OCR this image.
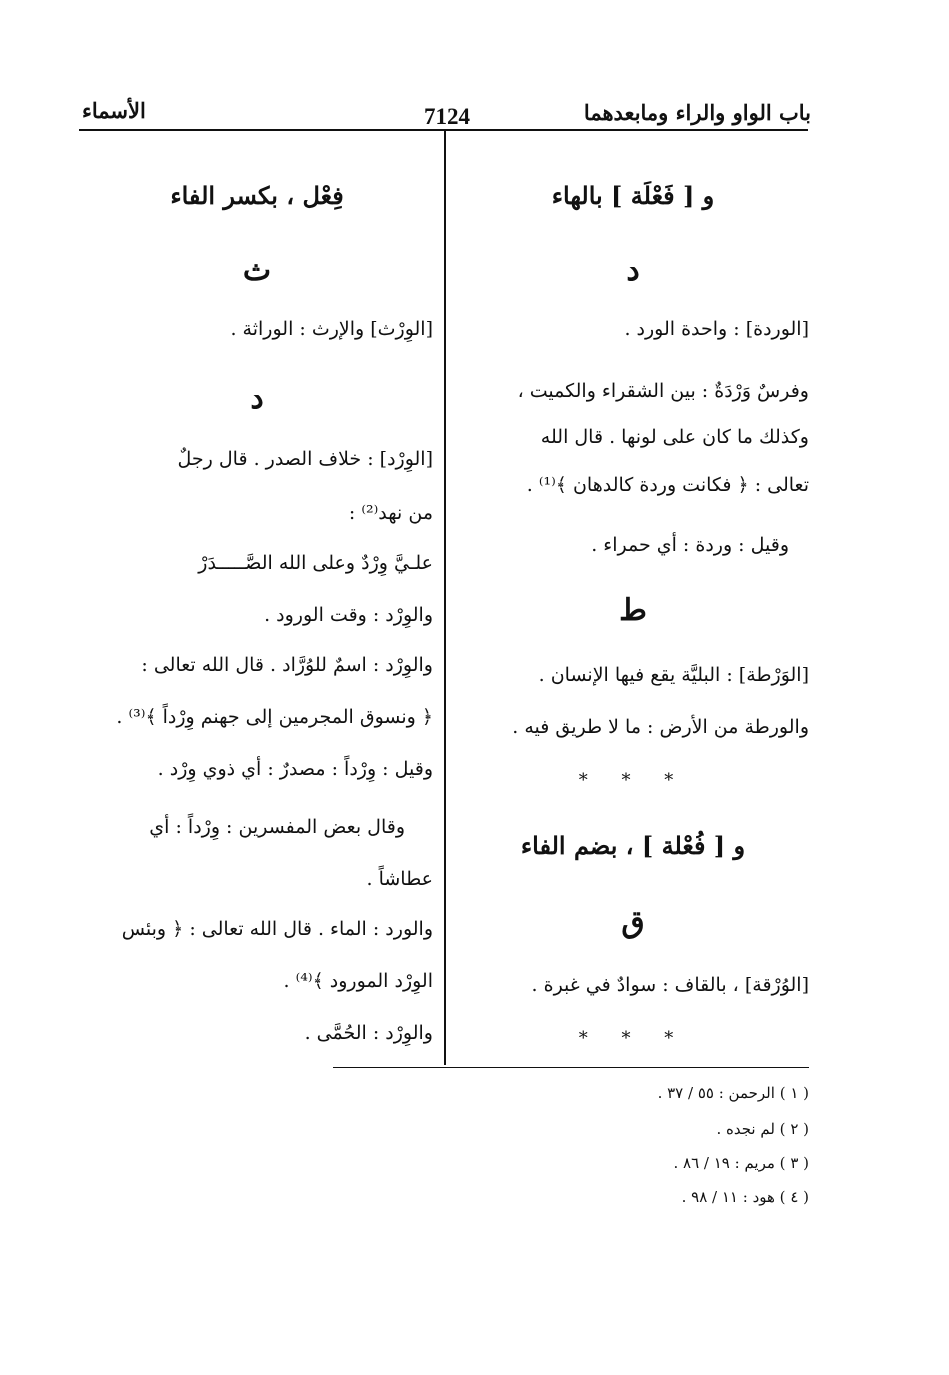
باب الواو والراء ومابعدهما
7124
الأسماء
و [ فَعْلَة ] بالهاء
د
[الوردة] : واحدة الورد .
وفرسٌ وَرْدَةٌ : بين الشقراء والكميت ،
وكذلك ما كان على لونها . قال الله
تعالى : ﴿ فكانت وردة كالدهان ﴾⁽¹⁾ .
وقيل : وردة : أي حمراء .
ط
[الوَرْطة] : البليَّة يقع فيها الإنسان .
والورطة من الأرض : ما لا طريق فيه .
* * *
و [ فُعْلة ] ، بضم الفاء
ق
[الوُرْقة] ، بالقاف : سوادٌ في غبرة .
* * *
فِعْل ، بكسر الفاء
ث
[الوِرْث] والإرث : الوراثة .
د
[الوِرْد] : خلاف الصدر . قال رجلٌ
من نهد⁽²⁾ :
علـيَّ وِرْدٌ وعلى الله الصَّـــــدَرْ
والوِرْد : وقت الورود .
والوِرْد : اسمٌ للوُرَّاد . قال الله تعالى :
﴿ ونسوق المجرمين إلى جهنم وِرْداً ﴾⁽³⁾ .
وقيل : وِرْداً : مصدرٌ : أي ذوي وِرْد .
وقال بعض المفسرين : وِرْداً : أي
عطاشاً .
والورد : الماء . قال الله تعالى : ﴿ وبئس
الوِرْد المورود ﴾⁽⁴⁾ .
والوِرْد : الحُمَّى .
( ١ ) الرحمن : ٥٥ / ٣٧ .
( ٢ ) لم نجده .
( ٣ ) مريم : ١٩ / ٨٦ .
( ٤ ) هود : ١١ / ٩٨ .
